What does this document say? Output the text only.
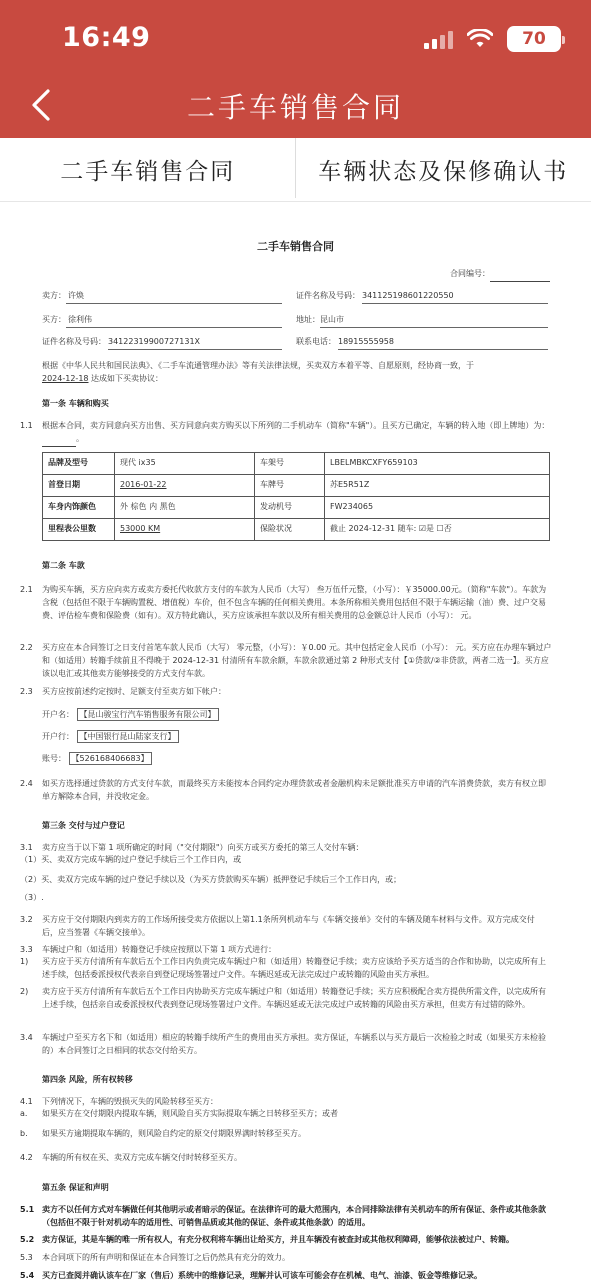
16:49	70
二手车销售合同
二手车销售合同	车辆状态及保修确认书
二手车销售合同
合同编号：
卖方： 许焕	证件名称及号码： 341125198601220550
买方： 徐利伟	地址： 昆山市
证件名称及号码： 34122319900727131X	联系电话： 18915555958
根据《中华人民共和国民法典》、《二手车流通管理办法》等有关法律法规，买卖双方本着平等、自愿原则，经协商一致，于
2024-12-18 达成如下买卖协议：
第一条 车辆和购买
1.1 根据本合同，卖方同意向买方出售、买方同意向卖方购买以下所列的二手机动车（简称"车辆"）。且买方已确定，车辆的转入地（即上牌地）为： 。
品牌及型号	现代 ix35	车架号	LBELMBKCXFY659103
首登日期	2016-01-22	车牌号	苏E5R51Z
车身内饰颜色	外 棕色 内 黑色	发动机号	FW234065
里程表公里数	53000 KM	保险状况	截止 2024-12-31 随车: ☑是 ☐否
第二条 车款
2.1 为购买车辆，买方应向卖方或卖方委托代收款方支付的车款为人民币（大写） 叁万伍仟元整，（小写）：￥35000.00元。（简称"车款"）。车款为含税（包括但不限于车辆购置税、增值税）车价，但不包含车辆的任何相关费用。本条所称相关费用包括但不限于车辆运输（油）费、过户交易费、评估检车费和保险费（如有）。双方特此确认，买方应该承担车款以及所有相关费用的总金额总计人民币（小写）： 元。
2.2 买方应在本合同签订之日支付首笔车款人民币（大写） 零元整，（小写）：￥0.00 元。其中包括定金人民币（小写）： 元。买方应在办理车辆过户和（如适用）转籍手续前且不得晚于 2024-12-31 付清所有车款余额，车款余款通过第 2 种形式支付【①贷款/②非贷款，两者二选一】。买方应该以电汇或其他卖方能够接受的方式支付车款。
2.3 买方应按前述约定按时、足额支付至卖方如下帐户：
开户名： 【昆山骏宝行汽车销售服务有限公司】
开户行： 【中国银行昆山陆家支行】
账号： 【526168406683】
2.4 如买方选择通过贷款的方式支付车款，而最终买方未能按本合同约定办理贷款或者金融机构未足额批准买方申请的汽车消费贷款，卖方有权立即单方解除本合同，并没收定金。
第三条 交付与过户登记
3.1 卖方应当于以下第 1 项所确定的时间（"交付期限"）向买方或买方委托的第三人交付车辆：
（1）买、卖双方完成车辆的过户登记手续后三个工作日内，或
（2）买、卖双方完成车辆的过户登记手续以及（为买方贷款购买车辆）抵押登记手续后三个工作日内，或；
（3）.
3.2 买方应于交付期限内到卖方的工作场所接受卖方依据以上第1.1条所列机动车与《车辆交接单》交付的车辆及随车材料与文件。双方完成交付后，应当签署《车辆交接单》。
3.3 车辆过户和（如适用）转籍登记手续应按照以下第 1 项方式进行：
1) 买方应于买方付清所有车款后五个工作日内负责完成车辆过户和（如适用）转籍登记手续；卖方应该给予买方适当的合作和协助，以完成所有上述手续，包括委派授权代表亲自到登记现场签署过户文件。车辆迟延或无法完成过户或转籍的风险由买方承担。
2) 卖方应于买方付清所有车款后五个工作日内协助买方完成车辆过户和（如适用）转籍登记手续；买方应积极配合卖方提供所需文件，以完成所有上述手续，包括亲自或委派授权代表到登记现场签署过户文件。车辆迟延或无法完成过户或转籍的风险由买方承担，但卖方有过错的除外。
3.4 车辆过户至买方名下和（如适用）相应的转籍手续所产生的费用由买方承担。卖方保证，车辆系以与买方最后一次检验之时或（如果买方未检验的）本合同签订之日相同的状态交付给买方。
第四条 风险，所有权转移
4.1 下列情况下，车辆的毁损灭失的风险转移至买方：
a. 如果买方在交付期限内提取车辆，则风险自买方实际提取车辆之日转移至买方；或者
b. 如果买方逾期提取车辆的，则风险自约定的原交付期限界满时转移至买方。
4.2 车辆的所有权在买、卖双方完成车辆交付时转移至买方。
第五条 保证和声明
5.1 卖方不以任何方式对车辆做任何其他明示或者暗示的保证。在法律许可的最大范围内，本合同排除法律有关机动车的所有保证、条件或其他条款（包括但不限于针对机动车的适用性、可销售品质或其他的保证、条件或其他条款）的适用。
5.2 卖方保证，其是车辆的唯一所有权人，有充分权利将车辆出让给买方，并且车辆没有被查封或其他权利障碍，能够依法被过户、转籍。
5.3 本合同项下的所有声明和保证在本合同签订之后仍然具有充分的效力。
5.4 买方已查阅并确认该车在厂家（售后）系统中的维修记录，理解并认可该车可能会存在机械、电气、油漆、钣金等维修记录。
